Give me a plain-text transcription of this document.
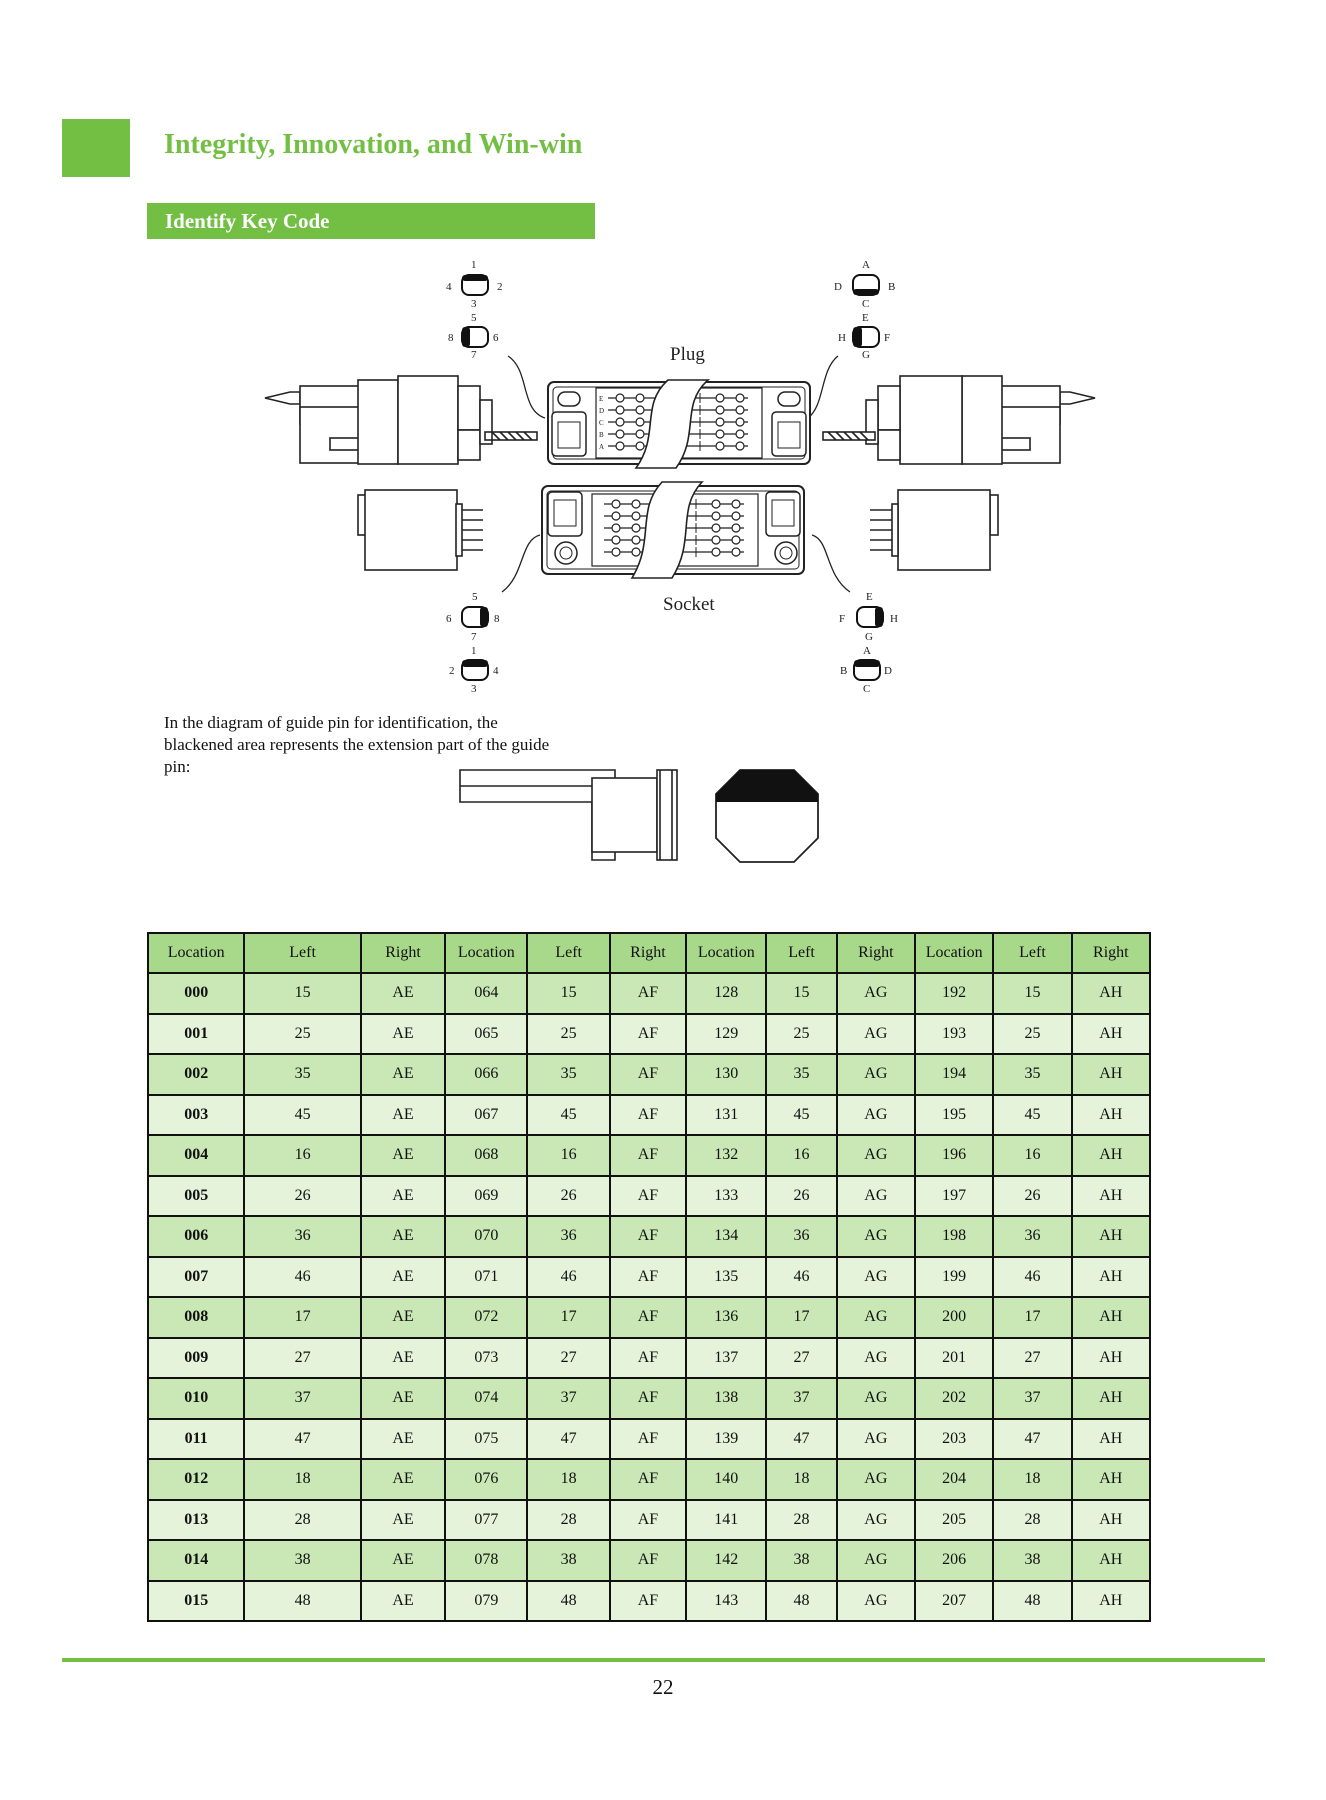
Integrity, Innovation, and Win-win
Identify Key Code
1
4	2
3
5
8	6
7
A
D	B
C
E
H	F
G
Plug
E
D
C
B
A
Socket
5
6	8
7
1
2	4
3
E
F	H
G
A
B	D
C
In the diagram of guide pin for identification, the blackened area represents the extension part of the guide pin:
Location	Left	Right	Location	Left	Right	Location	Left	Right	Location	Left	Right
000	15	AE	064	15	AF	128	15	AG	192	15	AH
001	25	AE	065	25	AF	129	25	AG	193	25	AH
002	35	AE	066	35	AF	130	35	AG	194	35	AH
003	45	AE	067	45	AF	131	45	AG	195	45	AH
004	16	AE	068	16	AF	132	16	AG	196	16	AH
005	26	AE	069	26	AF	133	26	AG	197	26	AH
006	36	AE	070	36	AF	134	36	AG	198	36	AH
007	46	AE	071	46	AF	135	46	AG	199	46	AH
008	17	AE	072	17	AF	136	17	AG	200	17	AH
009	27	AE	073	27	AF	137	27	AG	201	27	AH
010	37	AE	074	37	AF	138	37	AG	202	37	AH
011	47	AE	075	47	AF	139	47	AG	203	47	AH
012	18	AE	076	18	AF	140	18	AG	204	18	AH
013	28	AE	077	28	AF	141	28	AG	205	28	AH
014	38	AE	078	38	AF	142	38	AG	206	38	AH
015	48	AE	079	48	AF	143	48	AG	207	48	AH
22
